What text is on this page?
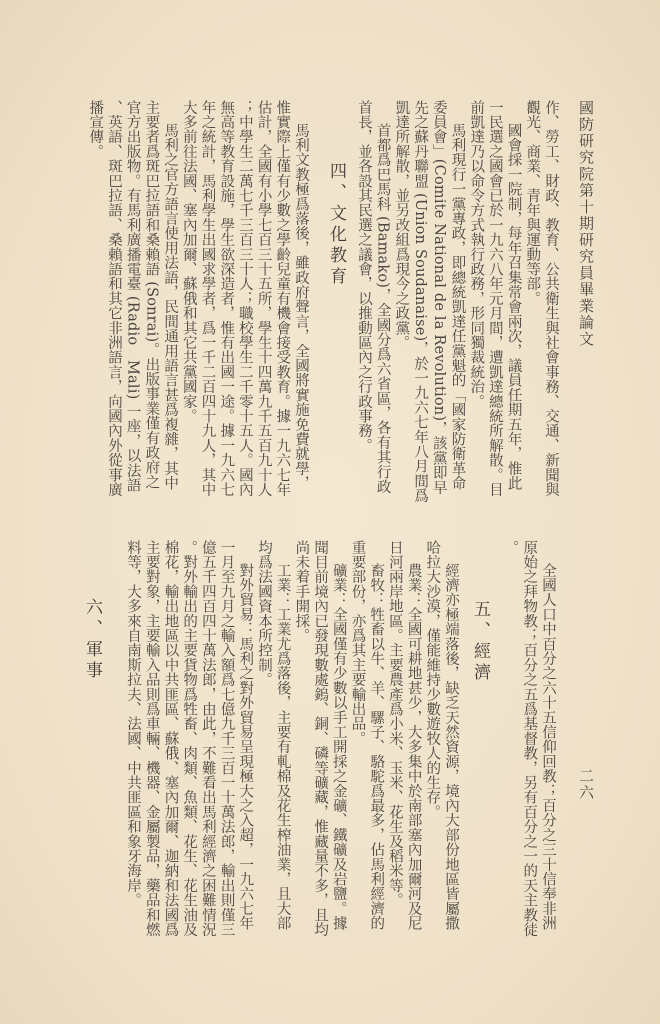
國防研究院第十期研究員畢業論文
二六
作、勞工、財政、教育、公共衛生與社會事務、交通、新聞與
觀光、商業、青年與運動等部。
國會採一院制，每年召集常會兩次，議員任期五年，惟此
一民選之國會已於一九六八年元月間，遭凱達總統所解散。目
前凱達乃以命令方式執行政務，形同獨裁統治。
馬利現行一黨專政，即總統凱達任黨魁的「國家防衛革命
委員會」(Comite National de la Revolution)，該黨即早
先之蘇丹聯盟 (Union Soudanaise)，於一九六七年八月間爲
凱達所解散，並另改組爲現今之政黨。
首都爲巴馬科 (Bamako)，全國分爲六省區，各有其行政
首長，並各設其民選之議會，以推動區內之行政事務。
四、文化教育
馬利文教極爲落後，雖政府聲言，全國將實施免費就學，
惟實際上僅有少數之學齡兒童有機會接受教育。據一九六七年
估計，全國有小學七百三十五所，學生十四萬九千五百九十人
；中學生二萬七千三百三十人；職校學生二千零十五人。國內
無高等教育設施，學生欲深造者，惟有出國一途。據一九六七
年之統計，馬利學生出國求學者，爲一千二百四十九人，其中
大多前往法國、塞內加爾、蘇俄和其它共黨國家。
馬利之官方語言使用法語，民間通用語言甚爲複雜，其中
主要者爲斑巴拉語和桑賴語 (Sonrai)。出版事業僅有政府之
官方出版物。有馬利廣播電臺 (Radio　Mali) 一座，以法語
、英語、斑巴拉語、桑賴語和其它非洲語言，向國內外從事廣
播宣傳。
全國人口中百分之六十五信仰回教；百分之三十信奉非洲
原始之拜物教；百分之五爲基督教，另有百分之一的天主教徒
。
五、經濟
經濟亦極端落後，缺乏天然資源，境內大部份地區皆屬撒
哈拉大沙漠，僅能維持少數遊牧人的生存。
農業：全國可耕地甚少，大多集中於南部塞內加爾河及尼
日河兩岸地區。主要農產爲小米、玉米、花生及稻米等。
畜牧：牲畜以牛、羊、騾子、駱駝爲最多，佔馬利經濟的
重要部份，亦爲其主要輸出品。
礦業：全國僅有少數以手工開採之金礦、鐵礦及岩鹽。據
聞目前境內已發現數處鎢、銅、磷等礦藏，惟藏量不多，且均
尚未着手開採。
工業：工業尤爲落後，主要有軋棉及花生榨油業，且大部
均爲法國資本所控制。
對外貿易：馬利之對外貿易呈現極大之入超，一九六七年
一月至九月之輸入額爲七億九千三百一十萬法郎，輸出則僅三
億五千四百四十萬法郎，由此，不難看出馬利經濟之困難情況
。對外輸出的主要貨物爲牲畜、肉類、魚類、花生、花生油及
棉花，輸出地區以中共匪區、蘇俄、塞內加爾、迦納和法國爲
主要對象，主要輸入品則爲車輛、機器、金屬製品，藥品和燃
料等，大多來自南斯拉夫、法國、中共匪區和象牙海岸。
六、軍事
